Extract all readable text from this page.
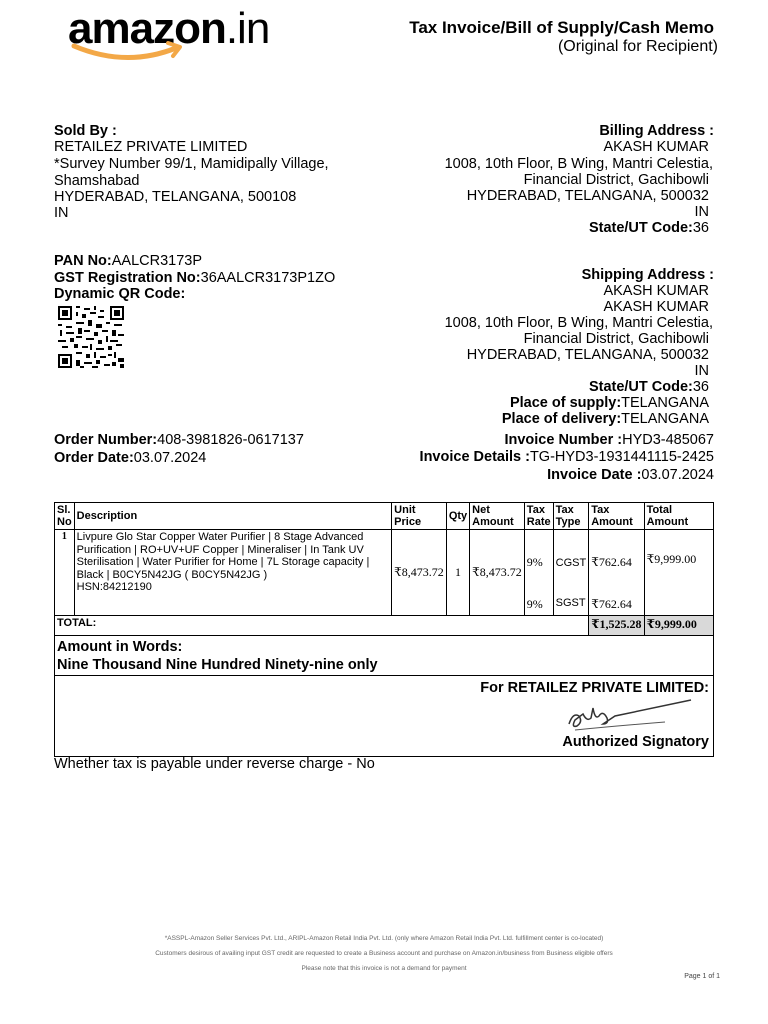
amazon.in	Tax Invoice/Bill of Supply/Cash Memo
(Original for Recipient)
Sold By :
RETAILEZ PRIVATE LIMITED
*Survey Number 99/1, Mamidipally Village,
Shamshabad
HYDERABAD, TELANGANA, 500108
IN
PAN No:AALCR3173P
GST Registration No:36AALCR3173P1ZO
Dynamic QR Code:
Billing Address :
AKASH KUMAR
1008, 10th Floor, B Wing, Mantri Celestia,
Financial District, Gachibowli
HYDERABAD, TELANGANA, 500032
IN
State/UT Code:36
Shipping Address :
AKASH KUMAR
AKASH KUMAR
1008, 10th Floor, B Wing, Mantri Celestia,
Financial District, Gachibowli
HYDERABAD, TELANGANA, 500032
IN
State/UT Code:36
Place of supply:TELANGANA
Place of delivery:TELANGANA
Order Number:408-3981826-0617137
Order Date:03.07.2024
Invoice Number :HYD3-485067
Invoice Details :TG-HYD3-1931441115-2425
Invoice Date :03.07.2024
Sl. No	Description	Unit Price	Qty	Net Amount	Tax Rate	Tax Type	Tax Amount	Total Amount
1	Livpure Glo Star Copper Water Purifier | 8 Stage Advanced Purification | RO+UV+UF Copper | Mineraliser | In Tank UV Sterilisation | Water Purifier for Home | 7L Storage capacity | Black | B0CY5N42JG ( B0CY5N42JG )
HSN:84212190	₹8,473.72	1	₹8,473.72	9%	CGST	₹762.64	₹9,999.00

					9%	SGST	₹762.64	
TOTAL:							₹1,525.28	₹9,999.00
Amount in Words:
Nine Thousand Nine Hundred Ninety-nine only
For RETAILEZ PRIVATE LIMITED:
Authorized Signatory
Whether tax is payable under reverse charge - No
*ASSPL-Amazon Seller Services Pvt. Ltd., ARIPL-Amazon Retail India Pvt. Ltd. (only where Amazon Retail India Pvt. Ltd. fulfillment center is co-located)
Customers desirous of availing input GST credit are requested to create a Business account and purchase on Amazon.in/business from Business eligible offers
Please note that this invoice is not a demand for payment
Page 1 of 1
